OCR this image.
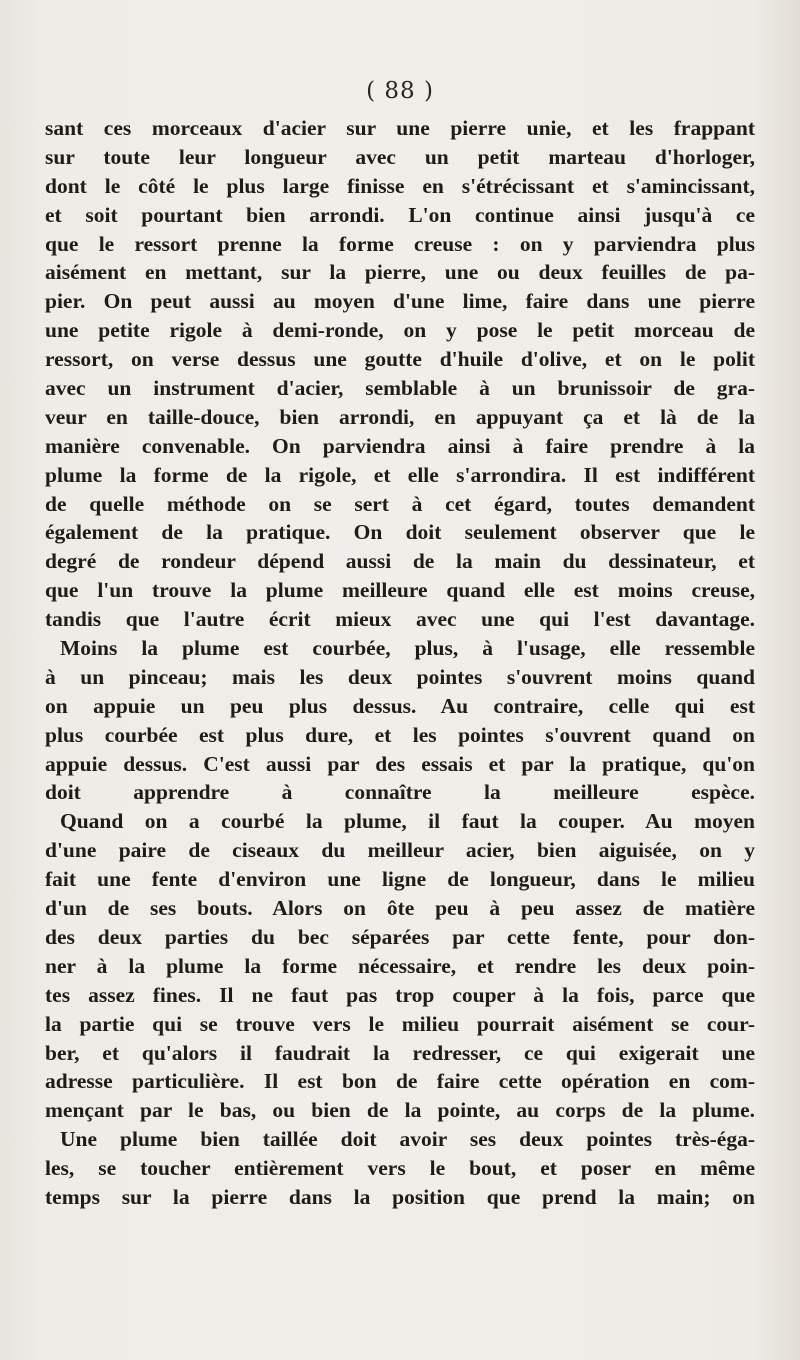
( 88 )
sant ces morceaux d'acier sur une pierre unie, et les frappant
sur toute leur longueur avec un petit marteau d'horloger,
dont le côté le plus large finisse en s'étrécissant et s'amincissant,
et soit pourtant bien arrondi. L'on continue ainsi jusqu'à ce
que le ressort prenne la forme creuse : on y parviendra plus
aisément en mettant, sur la pierre, une ou deux feuilles de pa-
pier. On peut aussi au moyen d'une lime, faire dans une pierre
une petite rigole à demi-ronde, on y pose le petit morceau de
ressort, on verse dessus une goutte d'huile d'olive, et on le polit
avec un instrument d'acier, semblable à un brunissoir de gra-
veur en taille-douce, bien arrondi, en appuyant ça et là de la
manière convenable. On parviendra ainsi à faire prendre à la
plume la forme de la rigole, et elle s'arrondira. Il est indifférent
de quelle méthode on se sert à cet égard, toutes demandent
également de la pratique. On doit seulement observer que le
degré de rondeur dépend aussi de la main du dessinateur, et
que l'un trouve la plume meilleure quand elle est moins creuse,
tandis que l'autre écrit mieux avec une qui l'est davantage.
Moins la plume est courbée, plus, à l'usage, elle ressemble
à un pinceau; mais les deux pointes s'ouvrent moins quand
on appuie un peu plus dessus. Au contraire, celle qui est
plus courbée est plus dure, et les pointes s'ouvrent quand on
appuie dessus. C'est aussi par des essais et par la pratique, qu'on
doit apprendre à connaître la meilleure espèce.
Quand on a courbé la plume, il faut la couper. Au moyen
d'une paire de ciseaux du meilleur acier, bien aiguisée, on y
fait une fente d'environ une ligne de longueur, dans le milieu
d'un de ses bouts. Alors on ôte peu à peu assez de matière
des deux parties du bec séparées par cette fente, pour don-
ner à la plume la forme nécessaire, et rendre les deux poin-
tes assez fines. Il ne faut pas trop couper à la fois, parce que
la partie qui se trouve vers le milieu pourrait aisément se cour-
ber, et qu'alors il faudrait la redresser, ce qui exigerait une
adresse particulière. Il est bon de faire cette opération en com-
mençant par le bas, ou bien de la pointe, au corps de la plume.
Une plume bien taillée doit avoir ses deux pointes très-éga-
les, se toucher entièrement vers le bout, et poser en même
temps sur la pierre dans la position que prend la main; on
